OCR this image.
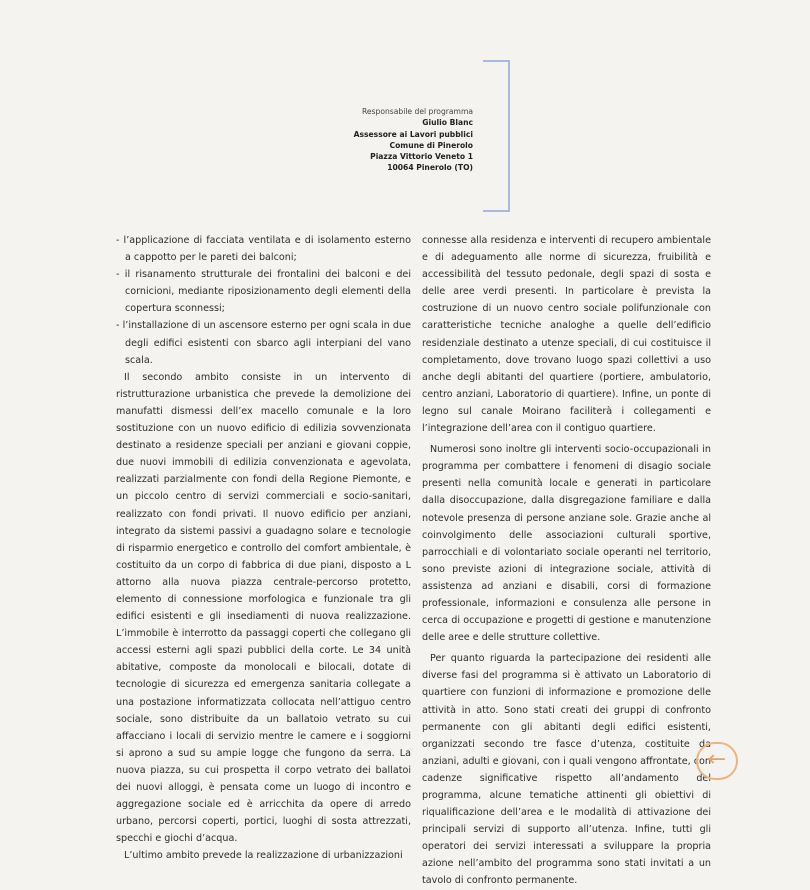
Responsabile del programma
Giulio Blanc
Assessore ai Lavori pubblici
Comune di Pinerolo
Piazza Vittorio Veneto 1
10064 Pinerolo (TO)
- l’applicazione di facciata ventilata e di isolamento esterno a cappotto per le pareti dei balconi;
- il risanamento strutturale dei frontalini dei balconi e dei cornicioni, mediante riposizionamento degli elementi della copertura sconnessi;
- l’installazione di un ascensore esterno per ogni scala in due degli edifici esistenti con sbarco agli interpiani del vano scala.

Il secondo ambito consiste in un intervento di ristrutturazione urbanistica che prevede la demolizione dei manufatti dismessi dell’ex macello comunale e la loro sostituzione con un nuovo edificio di edilizia sovvenzionata destinato a residenze speciali per anziani e giovani coppie, due nuovi immobili di edilizia convenzionata e agevolata, realizzati parzialmente con fondi della Regione Piemonte, e un piccolo centro di servizi commerciali e socio-sanitari, realizzato con fondi privati. Il nuovo edificio per anziani, integrato da sistemi passivi a guadagno solare e tecnologie di risparmio energetico e controllo del comfort ambientale, è costituito da un corpo di fabbrica di due piani, disposto a L attorno alla nuova piazza centrale-percorso protetto, elemento di connessione morfologica e funzionale tra gli edifici esistenti e gli insediamenti di nuova realizzazione. L’immobile è interrotto da passaggi coperti che collegano gli accessi esterni agli spazi pubblici della corte. Le 34 unità abitative, composte da monolocali e bilocali, dotate di tecnologie di sicurezza ed emergenza sanitaria collegate a una postazione informatizzata collocata nell’attiguo centro sociale, sono distribuite da un ballatoio vetrato su cui affacciano i locali di servizio mentre le camere e i soggiorni si aprono a sud su ampie logge che fungono da serra. La nuova piazza, su cui prospetta il corpo vetrato dei ballatoi dei nuovi alloggi, è pensata come un luogo di incontro e aggregazione sociale ed è arricchita da opere di arredo urbano, percorsi coperti, portici, luoghi di sosta attrezzati, specchi e giochi d’acqua.

L’ultimo ambito prevede la realizzazione di urbanizzazioni

connesse alla residenza e interventi di recupero ambientale e di adeguamento alle norme di sicurezza, fruibilità e accessibilità del tessuto pedonale, degli spazi di sosta e delle aree verdi presenti. In particolare è prevista la costruzione di un nuovo centro sociale polifunzionale con caratteristiche tecniche analoghe a quelle dell’edificio residenziale destinato a utenze speciali, di cui costituisce il completamento, dove trovano luogo spazi collettivi a uso anche degli abitanti del quartiere (portiere, ambulatorio, centro anziani, Laboratorio di quartiere). Infine, un ponte di legno sul canale Moirano faciliterà i collegamenti e l’integrazione dell’area con il contiguo quartiere.

Numerosi sono inoltre gli interventi socio-occupazionali in programma per combattere i fenomeni di disagio sociale presenti nella comunità locale e generati in particolare dalla disoccupazione, dalla disgregazione familiare e dalla notevole presenza di persone anziane sole. Grazie anche al coinvolgimento delle associazioni culturali sportive, parrocchiali e di volontariato sociale operanti nel territorio, sono previste azioni di integrazione sociale, attività di assistenza ad anziani e disabili, corsi di formazione professionale, informazioni e consulenza alle persone in cerca di occupazione e progetti di gestione e manutenzione delle aree e delle strutture collettive.

Per quanto riguarda la partecipazione dei residenti alle diverse fasi del programma si è attivato un Laboratorio di quartiere con funzioni di informazione e promozione delle attività in atto. Sono stati creati dei gruppi di confronto permanente con gli abitanti degli edifici esistenti, organizzati secondo tre fasce d’utenza, costituite da anziani, adulti e giovani, con i quali vengono affrontate, con cadenze significative rispetto all’andamento del programma, alcune tematiche attinenti gli obiettivi di riqualificazione dell’area e le modalità di attivazione dei principali servizi di supporto all’utenza. Infine, tutti gli operatori dei servizi interessati a sviluppare la propria azione nell’ambito del programma sono stati invitati a un tavolo di confronto permanente.

←
